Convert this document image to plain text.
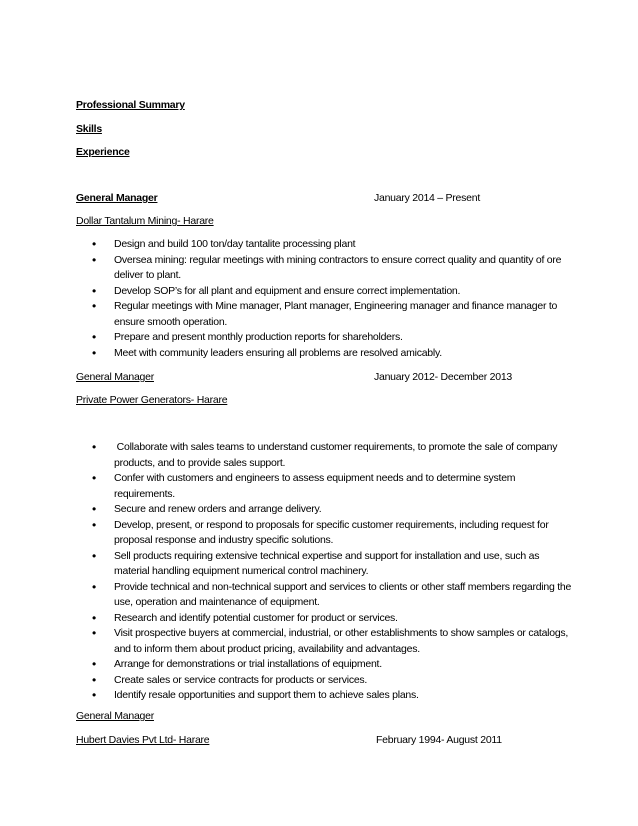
Professional Summary
Skills
Experience
General Manager	January 2014 – Present
Dollar Tantalum Mining- Harare
• Design and build 100 ton/day tantalite processing plant
• Oversea mining: regular meetings with mining contractors to ensure correct quality and quantity of ore deliver to plant.
• Develop SOP’s for all plant and equipment and ensure correct implementation.
• Regular meetings with Mine manager, Plant manager, Engineering manager and finance manager to ensure smooth operation.
• Prepare and present monthly production reports for shareholders.
• Meet with community leaders ensuring all problems are resolved amicably.
General Manager	January 2012- December 2013
Private Power Generators- Harare
•  Collaborate with sales teams to understand customer requirements, to promote the sale of company products, and to provide sales support.
• Confer with customers and engineers to assess equipment needs and to determine system requirements.
• Secure and renew orders and arrange delivery.
• Develop, present, or respond to proposals for specific customer requirements, including request for proposal response and industry specific solutions.
• Sell products requiring extensive technical expertise and support for installation and use, such as material handling equipment numerical control machinery.
• Provide technical and non-technical support and services to clients or other staff members regarding the use, operation and maintenance of equipment.
• Research and identify potential customer for product or services.
• Visit prospective buyers at commercial, industrial, or other establishments to show samples or catalogs, and to inform them about product pricing, availability and advantages.
• Arrange for demonstrations or trial installations of equipment.
• Create sales or service contracts for products or services.
• Identify resale opportunities and support them to achieve sales plans.
General Manager
Hubert Davies Pvt Ltd- Harare	February 1994- August 2011
